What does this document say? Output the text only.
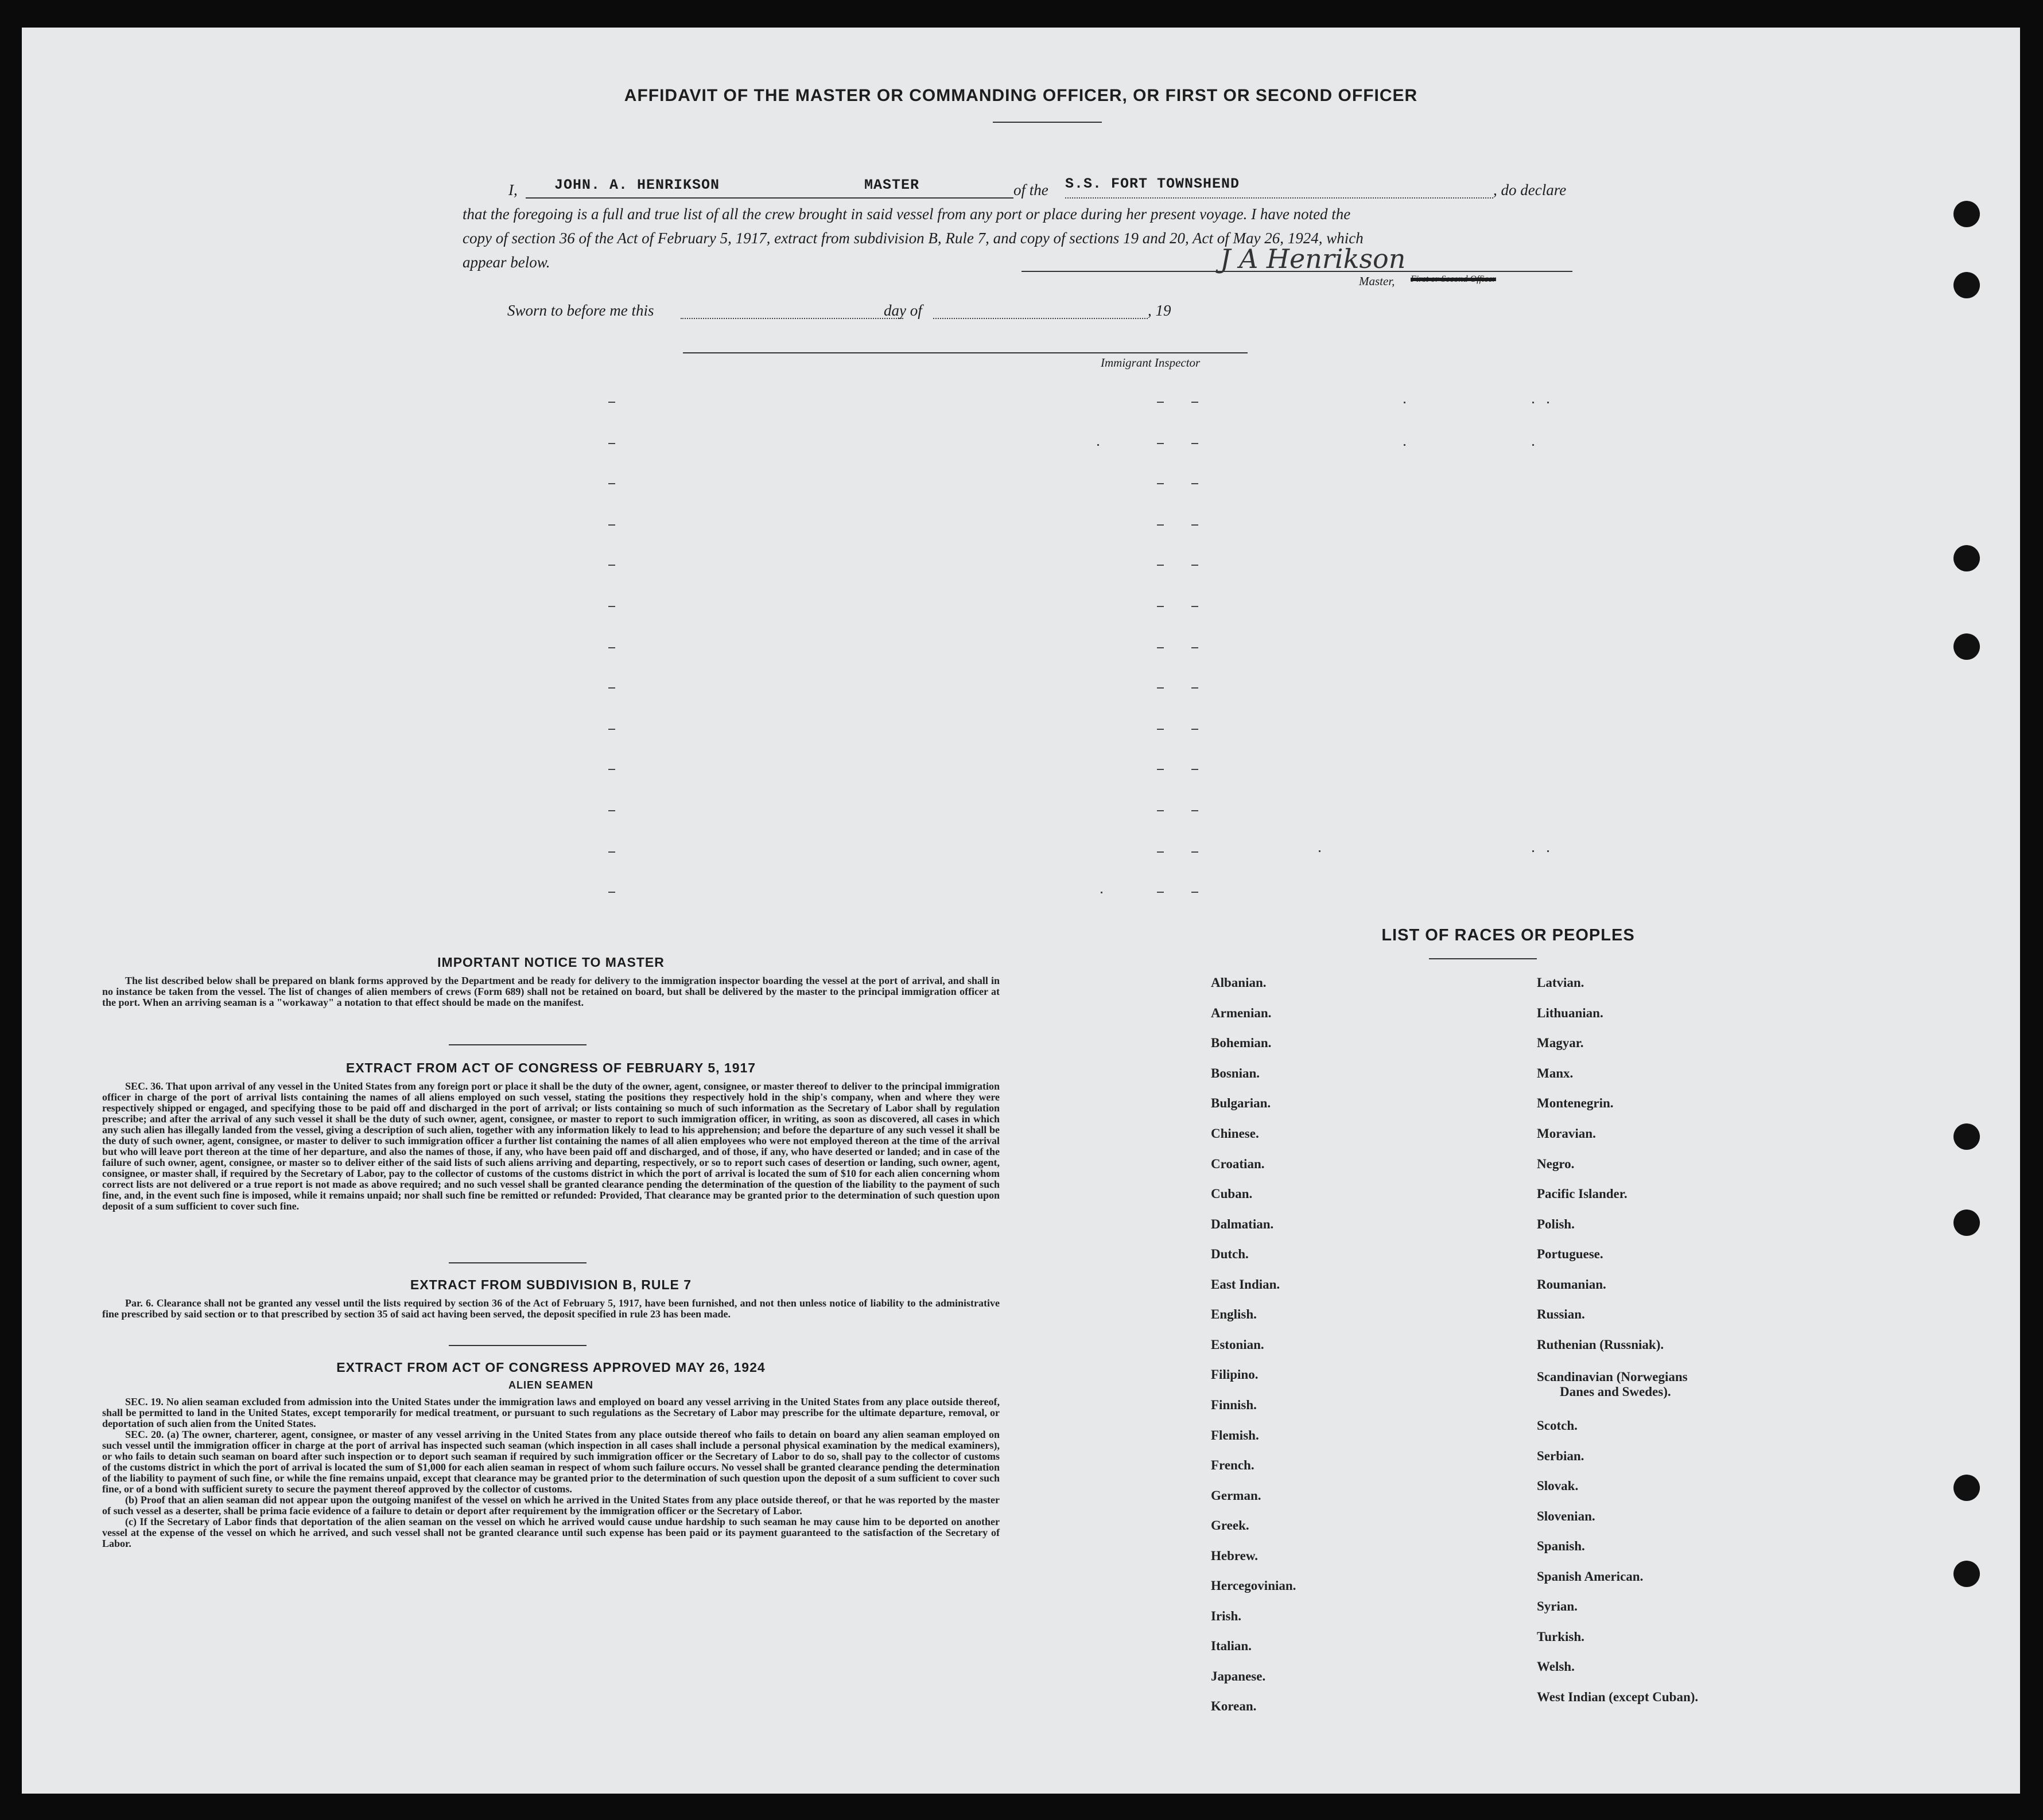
AFFIDAVIT OF THE MASTER OR COMMANDING OFFICER, OR FIRST OR SECOND OFFICER
I,	JOHN. A. HENRIKSON	MASTER	of the S.S. FORT TOWNSHEND	, do declare
that the foregoing is a full and true list of all the crew brought in said vessel from any port or place during her present voyage. I have noted the
copy of section 36 of the Act of February 5, 1917, extract from subdivision B, Rule 7, and copy of sections 19 and 20, Act of May 26, 1924, which
appear below.	J A Henrikson
Master, First or Second Officer
Sworn to before me this	day of	, 19
Immigrant Inspector
IMPORTANT NOTICE TO MASTER

The list described below shall be prepared on blank forms approved by the Department and be ready for delivery to the immigration inspector boarding the vessel at the port of arrival, and shall in no instance be taken from the vessel. The list of changes of alien members of crews (Form 689) shall not be retained on board, but shall be delivered by the master to the principal immigration officer at the port. When an arriving seaman is a "workaway" a notation to that effect should be made on the manifest.

EXTRACT FROM ACT OF CONGRESS OF FEBRUARY 5, 1917

SEC. 36. That upon arrival of any vessel in the United States from any foreign port or place it shall be the duty of the owner, agent, consignee, or master thereof to deliver to the principal immigration officer in charge of the port of arrival lists containing the names of all aliens employed on such vessel, stating the positions they respectively hold in the ship's company, when and where they were respectively shipped or engaged, and specifying those to be paid off and discharged in the port of arrival; or lists containing so much of such information as the Secretary of Labor shall by regulation prescribe; and after the arrival of any such vessel it shall be the duty of such owner, agent, consignee, or master to report to such immigration officer, in writing, as soon as discovered, all cases in which any such alien has illegally landed from the vessel, giving a description of such alien, together with any information likely to lead to his apprehension; and before the departure of any such vessel it shall be the duty of such owner, agent, consignee, or master to deliver to such immigration officer a further list containing the names of all alien employees who were not employed thereon at the time of the arrival but who will leave port thereon at the time of her departure, and also the names of those, if any, who have been paid off and discharged, and of those, if any, who have deserted or landed; and in case of the failure of such owner, agent, consignee, or master so to deliver either of the said lists of such aliens arriving and departing, respectively, or so to report such cases of desertion or landing, such owner, agent, consignee, or master shall, if required by the Secretary of Labor, pay to the collector of customs of the customs district in which the port of arrival is located the sum of $10 for each alien concerning whom correct lists are not delivered or a true report is not made as above required; and no such vessel shall be granted clearance pending the determination of the question of the liability to the payment of such fine, and, in the event such fine is imposed, while it remains unpaid; nor shall such fine be remitted or refunded: Provided, That clearance may be granted prior to the determination of such question upon deposit of a sum sufficient to cover such fine.

EXTRACT FROM SUBDIVISION B, RULE 7

Par. 6. Clearance shall not be granted any vessel until the lists required by section 36 of the Act of February 5, 1917, have been furnished, and not then unless notice of liability to the administrative fine prescribed by said section or to that prescribed by section 35 of said act having been served, the deposit specified in rule 23 has been made.

EXTRACT FROM ACT OF CONGRESS APPROVED MAY 26, 1924
ALIEN SEAMEN

SEC. 19. No alien seaman excluded from admission into the United States under the immigration laws and employed on board any vessel arriving in the United States from any place outside thereof, shall be permitted to land in the United States, except temporarily for medical treatment, or pursuant to such regulations as the Secretary of Labor may prescribe for the ultimate departure, removal, or deportation of such alien from the United States.

SEC. 20. (a) The owner, charterer, agent, consignee, or master of any vessel arriving in the United States from any place outside thereof who fails to detain on board any alien seaman employed on such vessel until the immigration officer in charge at the port of arrival has inspected such seaman (which inspection in all cases shall include a personal physical examination by the medical examiners), or who fails to detain such seaman on board after such inspection or to deport such seaman if required by such immigration officer or the Secretary of Labor to do so, shall pay to the collector of customs of the customs district in which the port of arrival is located the sum of $1,000 for each alien seaman in respect of whom such failure occurs. No vessel shall be granted clearance pending the determination of the liability to payment of such fine, or while the fine remains unpaid, except that clearance may be granted prior to the determination of such question upon the deposit of a sum sufficient to cover such fine, or of a bond with sufficient surety to secure the payment thereof approved by the collector of customs.

(b) Proof that an alien seaman did not appear upon the outgoing manifest of the vessel on which he arrived in the United States from any place outside thereof, or that he was reported by the master of such vessel as a deserter, shall be prima facie evidence of a failure to detain or deport after requirement by the immigration officer or the Secretary of Labor.

(c) If the Secretary of Labor finds that deportation of the alien seaman on the vessel on which he arrived would cause undue hardship to such seaman he may cause him to be deported on another vessel at the expense of the vessel on which he arrived, and such vessel shall not be granted clearance until such expense has been paid or its payment guaranteed to the satisfaction of the Secretary of Labor.

LIST OF RACES OR PEOPLES
Albanian.
Armenian.
Bohemian.
Bosnian.
Bulgarian.
Chinese.
Croatian.
Cuban.
Dalmatian.
Dutch.
East Indian.
English.
Estonian.
Filipino.
Finnish.
Flemish.
French.
German.
Greek.
Hebrew.
Hercegovinian.
Irish.
Italian.
Japanese.
Korean.
Latvian.
Lithuanian.
Magyar.
Manx.
Montenegrin.
Moravian.
Negro.
Pacific Islander.
Polish.
Portuguese.
Roumanian.
Russian.
Ruthenian (Russniak).
Scandinavian (Norwegians
Danes and Swedes).
Scotch.
Serbian.
Slovak.
Slovenian.
Spanish.
Spanish American.
Syrian.
Turkish.
Welsh.
West Indian (except Cuban).
